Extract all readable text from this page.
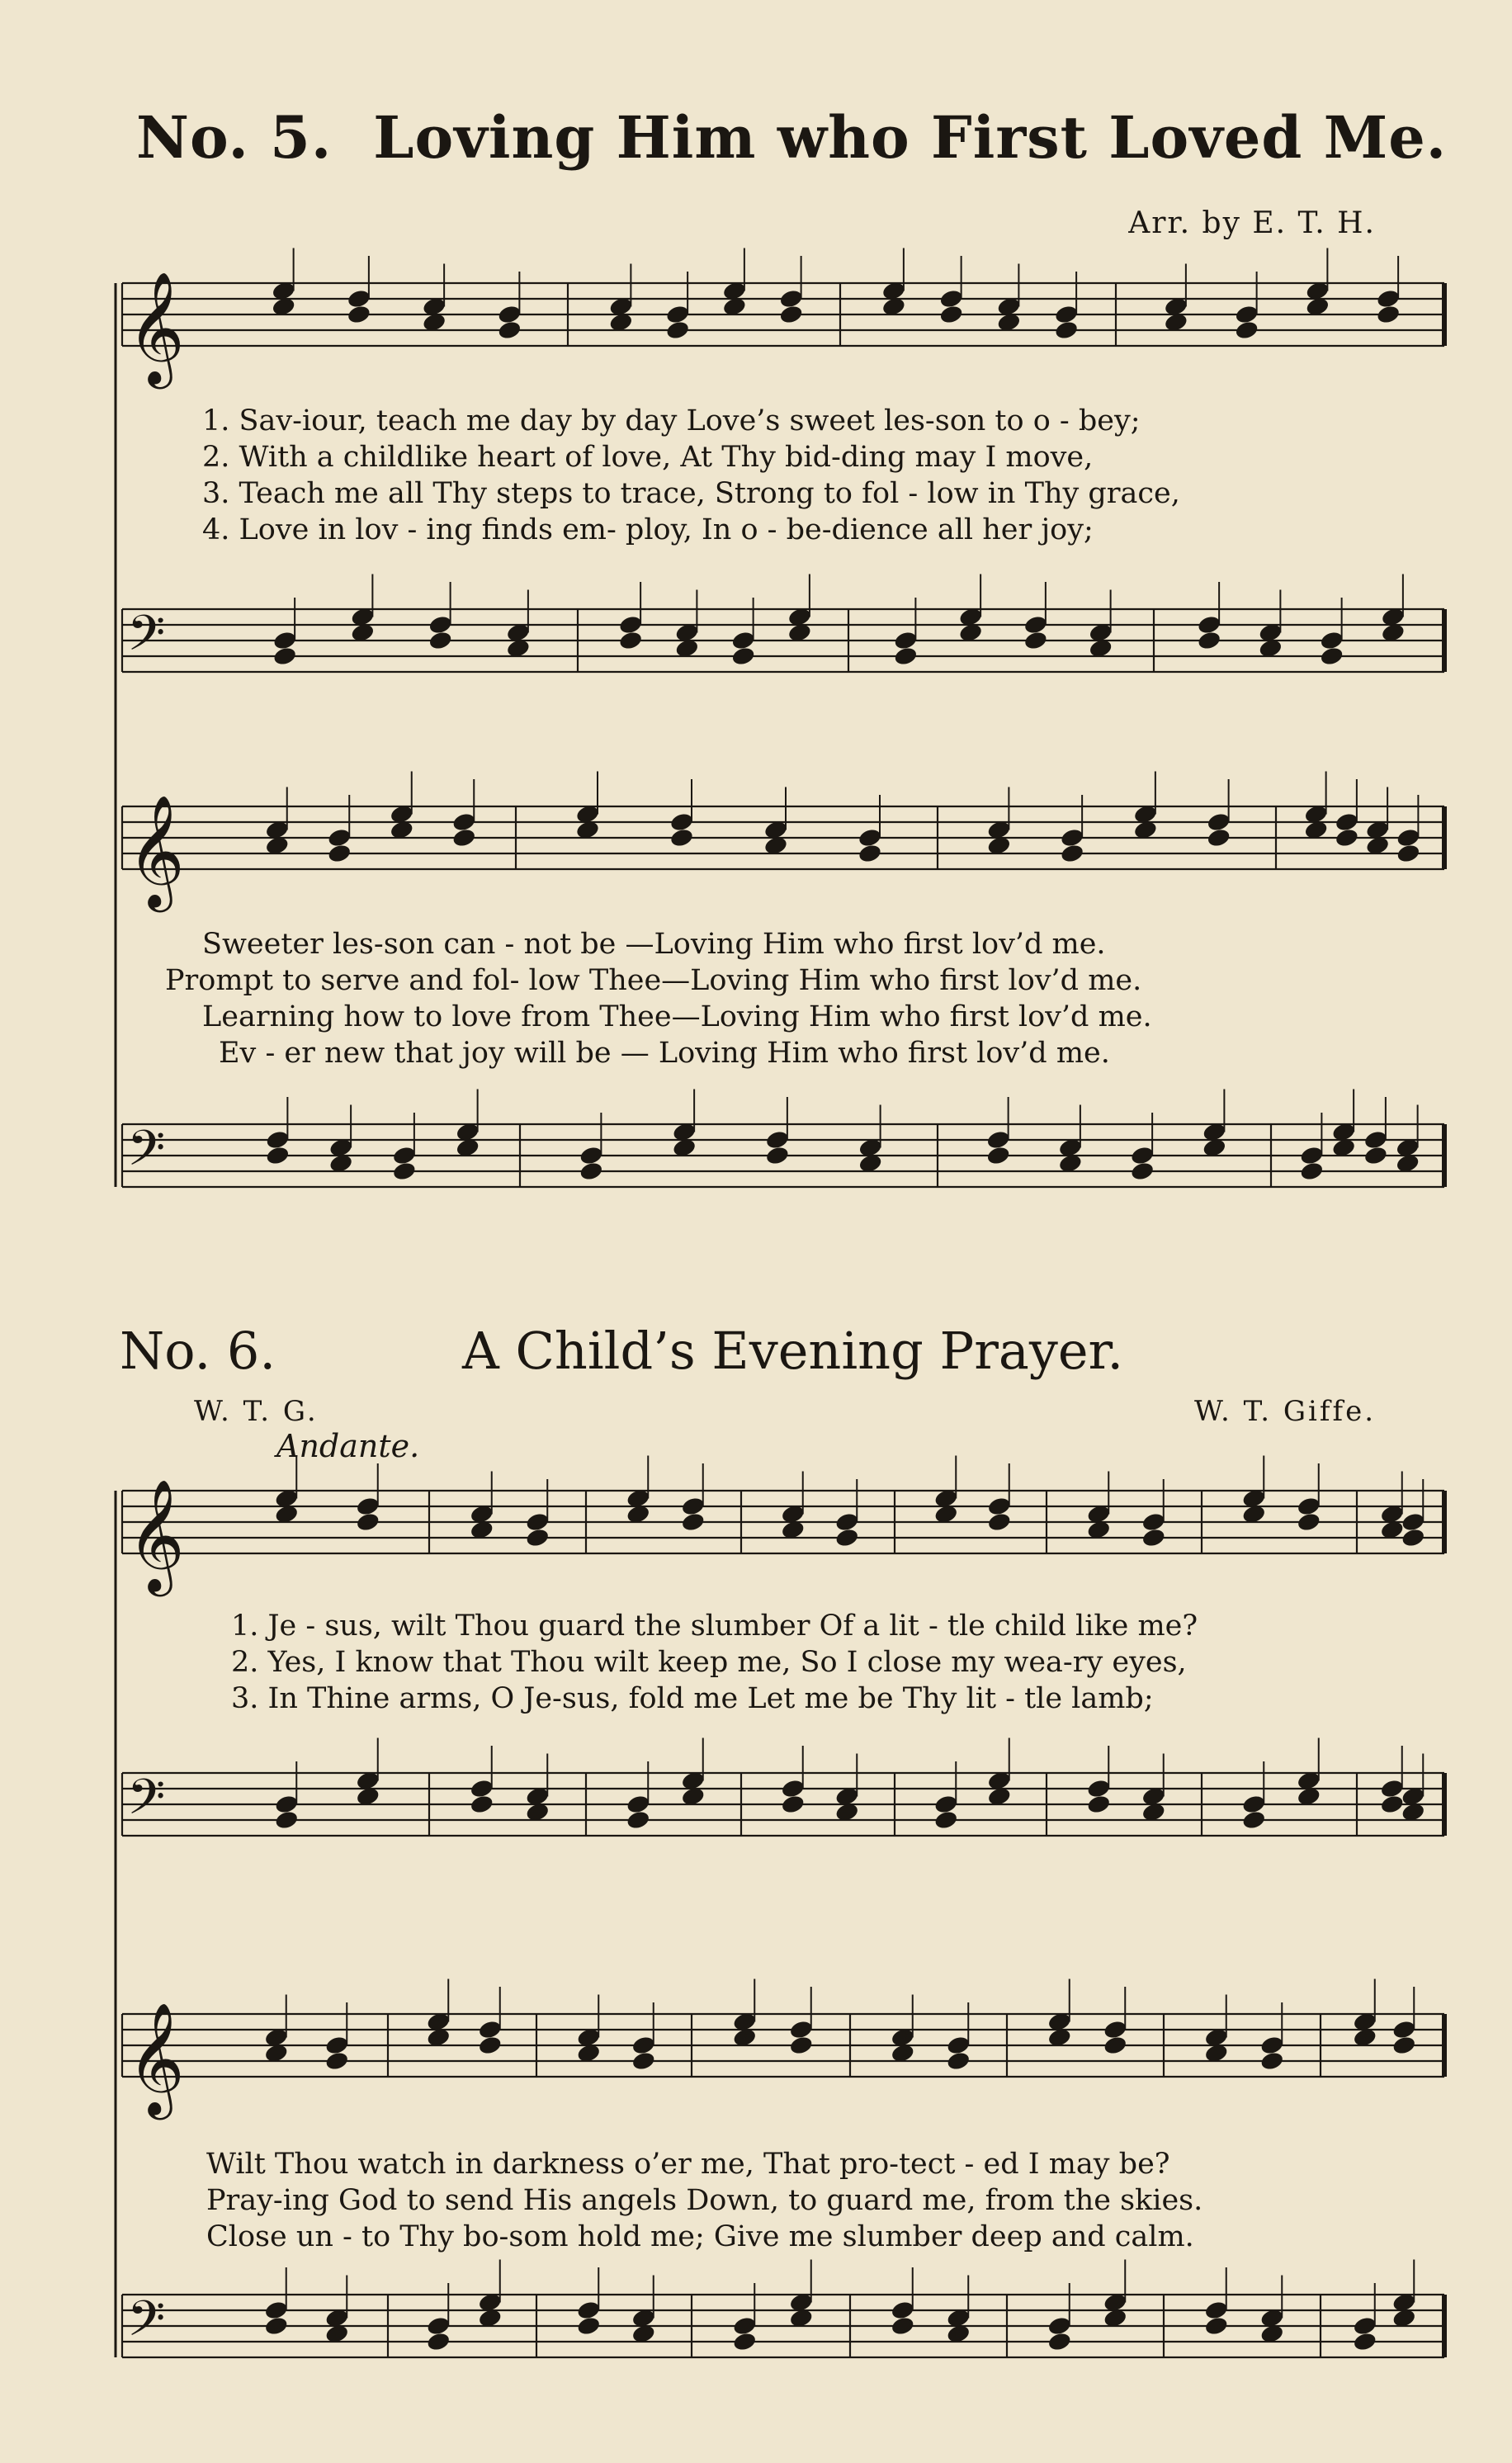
𝄞
𝄢
𝄞
𝄢
𝄞
𝄢
𝄞
𝄢
No. 5. Loving Him who First Loved Me.
Arr. by E. T. H.
1. Sav-iour, teach me day by day Love’s sweet les-son to o - bey;
2. With a childlike heart of love, At Thy bid-ding may I move,
3. Teach me all Thy steps to trace, Strong to fol - low in Thy grace,
4. Love in lov - ing finds em- ploy, In o - be-dience all her joy;
Sweeter les-son can - not be —Loving Him who first lov’d me.
Prompt to serve and fol- low Thee—Loving Him who first lov’d me.
Learning how to love from Thee—Loving Him who first lov’d me.
Ev - er new that joy will be — Loving Him who first lov’d me.
No. 6.	A Child’s Evening Prayer.
W. T. G.	W. T. Giffe.
Andante.
1. Je - sus, wilt Thou guard the slumber Of a lit - tle child like me?
2. Yes, I know that Thou wilt keep me, So I close my wea-ry eyes,
3. In Thine arms, O Je-sus, fold me Let me be Thy lit - tle lamb;
Wilt Thou watch in darkness o’er me, That pro-tect - ed I may be?
Pray-ing God to send His angels Down, to guard me, from the skies.
Close un - to Thy bo-som hold me; Give me slumber deep and calm.
